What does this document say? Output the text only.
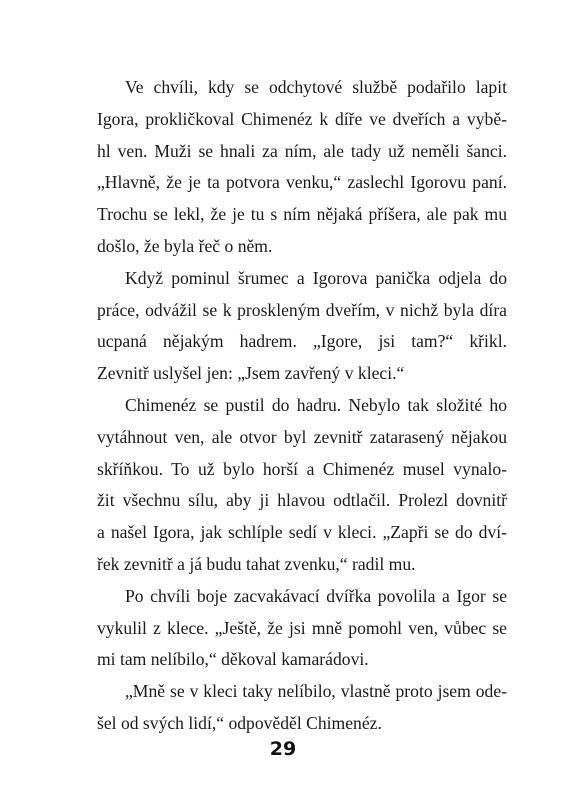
Ve chvíli, kdy se odchytové službě podařilo lapit
Igora, prokličkoval Chimenéz k díře ve dveřích a vybě-
hl ven. Muži se hnali za ním, ale tady už neměli šanci.
„Hlavně, že je ta potvora venku,“ zaslechl Igorovu paní.
Trochu se lekl, že je tu s ním nějaká příšera, ale pak mu
došlo, že byla řeč o něm.
Když pominul šrumec a Igorova panička odjela do
práce, odvážil se k proskleným dveřím, v nichž byla díra
ucpaná nějakým hadrem. „Igore, jsi tam?“ křikl.
Zevnitř uslyšel jen: „Jsem zavřený v kleci.“
Chimenéz se pustil do hadru. Nebylo tak složité ho
vytáhnout ven, ale otvor byl zevnitř zatarasený nějakou
skříňkou. To už bylo horší a Chimenéz musel vynalo-
žit všechnu sílu, aby ji hlavou odtlačil. Prolezl dovnitř
a našel Igora, jak schlíple sedí v kleci. „Zapři se do dví-
řek zevnitř a já budu tahat zvenku,“ radil mu.
Po chvíli boje zacvakávací dvířka povolila a Igor se
vykulil z klece. „Ještě, že jsi mně pomohl ven, vůbec se
mi tam nelíbilo,“ děkoval kamarádovi.
„Mně se v kleci taky nelíbilo, vlastně proto jsem ode-
šel od svých lidí,“ odpověděl Chimenéz.
29
